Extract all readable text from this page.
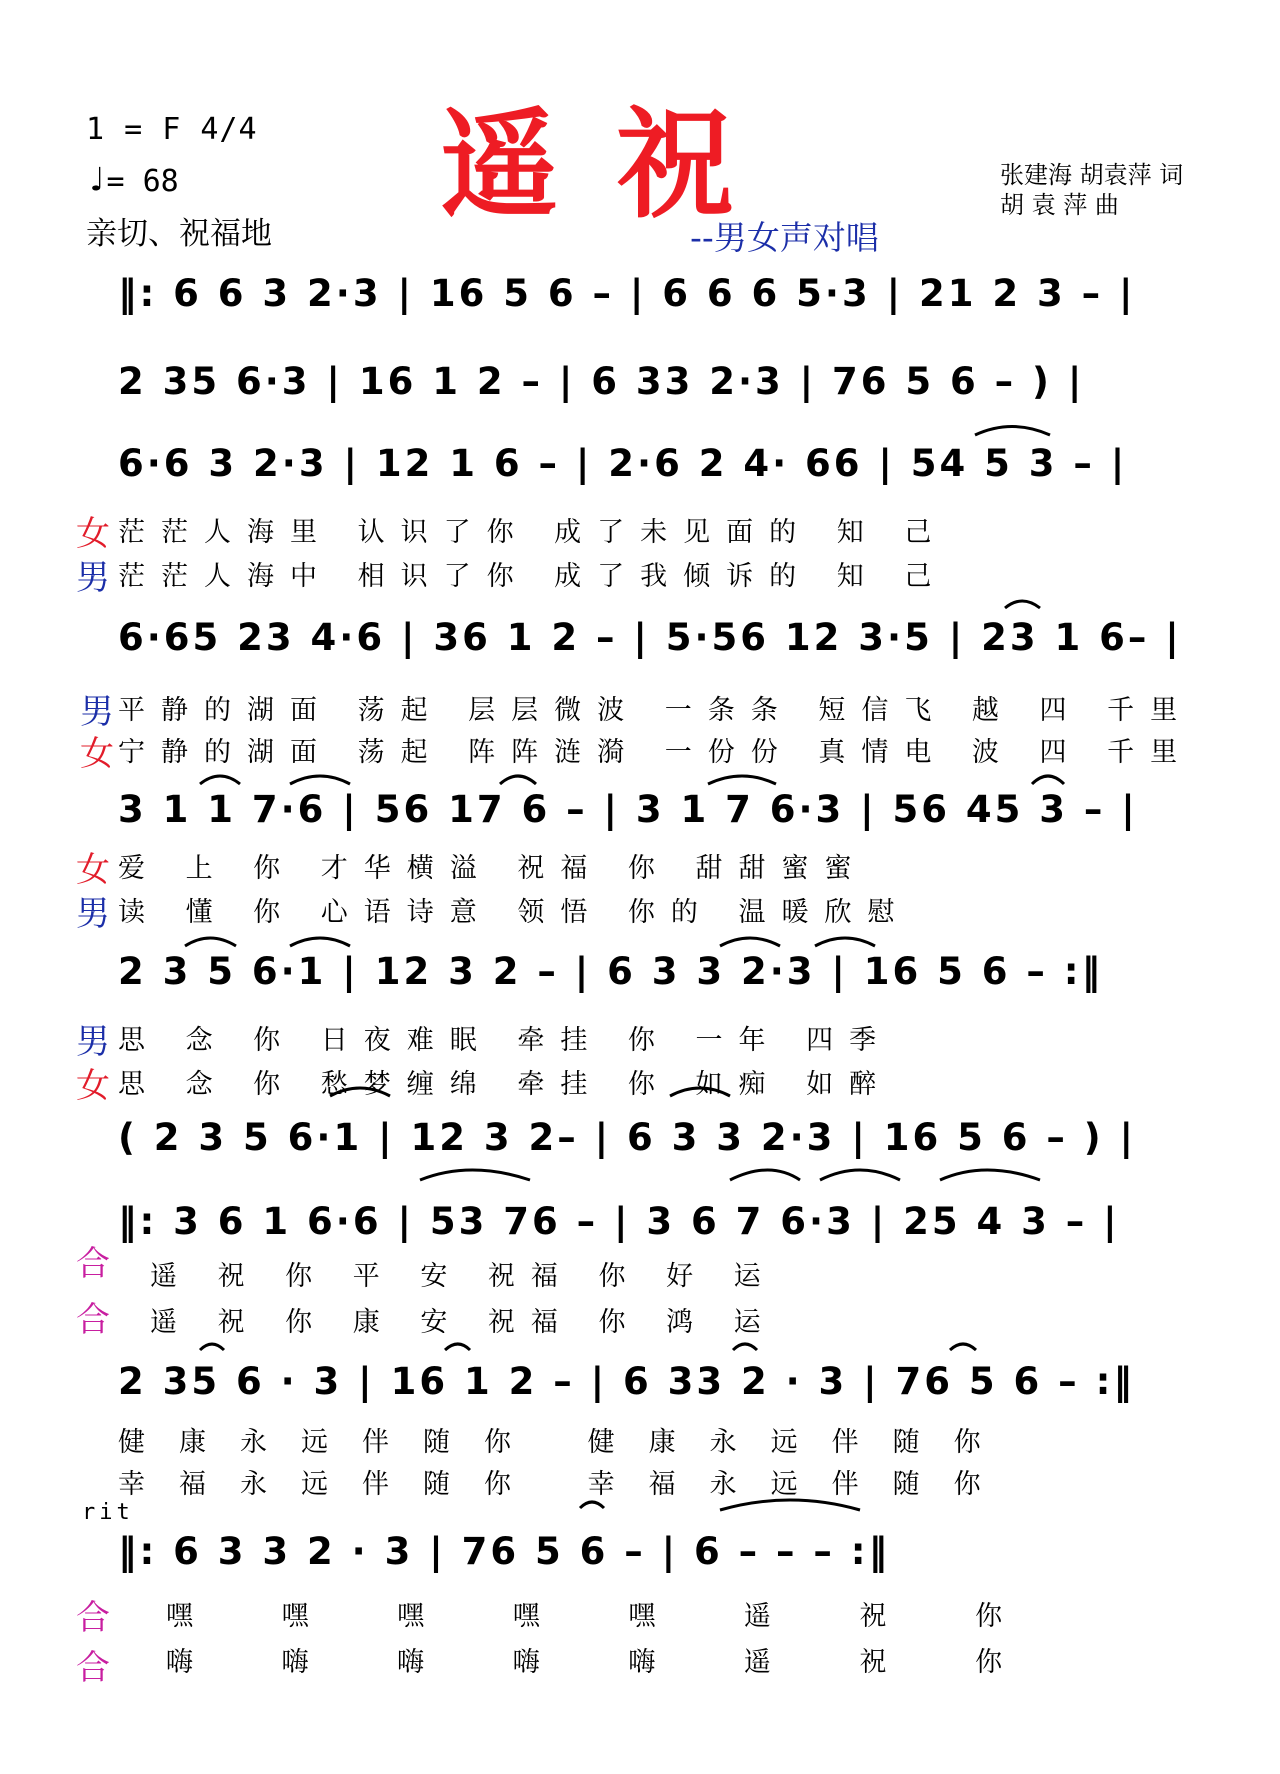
1 = F 4/4
♩= 68
亲切、祝福地 遥祝
--男女声对唱
张建海 胡袁萍 词
胡 袁 萍 曲
‖: 6 6 3 2·3 | 16 5 6 – | 6 6 6 5·3 | 21 2 3 – |
2 35 6·3 | 16 1 2 – | 6 33 2·3 | 76 5 6 – ) |
6·6 3 2·3 | 12 1 6 – | 2·6 2 4· 66 | 54 5 3 – |
女 茫茫人海里 认识了你 成了未见面的 知 己
男 茫茫人海中 相识了你 成了我倾诉的 知 己
6·65 23 4·6 | 36 1 2 – | 5·56 12 3·5 | 23 1 6– |
男 平静的湖面 荡起 层层微波 一条条 短信飞 越 四 千里
女 宁静的湖面 荡起 阵阵涟漪 一份份 真情电 波 四 千里
3 1 1 7·6 | 56 17 6 – | 3 1 7 6·3 | 56 45 3 – |
女 爱 上 你 才华横溢 祝福 你 甜甜蜜蜜
男 读 懂 你 心语诗意 领悟 你的 温暖欣慰
2 3 5 6·1 | 12 3 2 – | 6 3 3 2·3 | 16 5 6 – :‖
男 思 念 你 日夜难眠 牵挂 你 一年 四季
女 思 念 你 愁梦缠绵 牵挂 你 如痴 如醉
( 2 3 5 6·1 | 12 3 2– | 6 3 3 2·3 | 16 5 6 – ) |
‖: 3 6 1 6·6 | 53 76 – | 3 6 7 6·3 | 25 4 3 – |
合 遥 祝 你 平 安 祝福 你 好 运
合 遥 祝 你 康 安 祝福 你 鸿 运
2 35 6 · 3 | 16 1 2 – | 6 33 2 · 3 | 76 5 6 – :‖
健康永远伴随你 健康永远伴随你
幸福永远伴随你 幸福永远伴随你
rit
‖: 6 3 3 2 · 3 | 76 5 6 – | 6 – – – :‖
合 嘿 嘿 嘿 嘿 嘿 遥 祝 你
合 嗨 嗨 嗨 嗨 嗨 遥 祝 你
